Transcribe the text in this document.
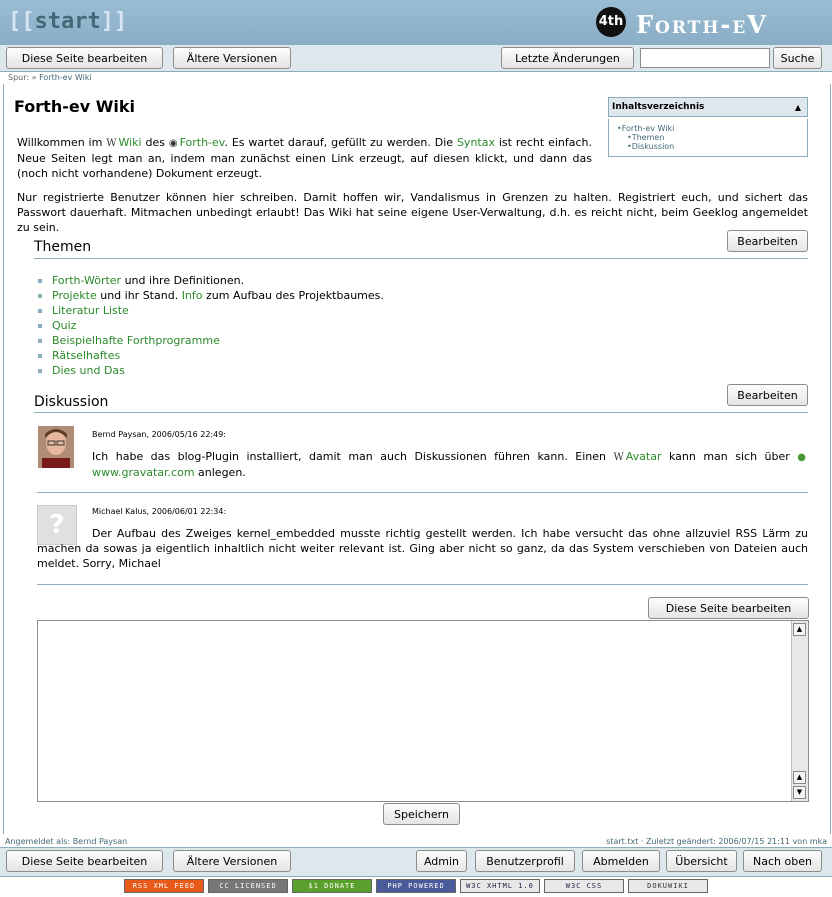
[[start]]	4th Forth-eV
Diese Seite bearbeiten	Ältere Versionen	Letzte Änderungen	Suche
Spur: » Forth-ev Wiki
Forth-ev Wiki	Inhaltsverzeichnis	▲
•Forth-ev Wiki
•Themen
•Diskussion
Willkommen im W Wiki des ◉ Forth-ev. Es wartet darauf, gefüllt zu werden. Die Syntax ist recht einfach. Neue Seiten legt man an, indem man zunächst einen Link erzeugt, auf diesen klickt, und dann das (noch nicht vorhandene) Dokument erzeugt.
Nur registrierte Benutzer können hier schreiben. Damit hoffen wir, Vandalismus in Grenzen zu halten. Registriert euch, und sichert das Passwort dauerhaft. Mitmachen unbedingt erlaubt! Das Wiki hat seine eigene User-Verwaltung, d.h. es reicht nicht, beim Geeklog angemeldet zu sein.
Themen	Bearbeiten
Forth-Wörter und ihre Definitionen.
Projekte und ihr Stand. Info zum Aufbau des Projektbaumes.
Literatur Liste
Quiz
Beispielhafte Forthprogramme
Rätselhaftes
Dies und Das
Diskussion	Bearbeiten
Bernd Paysan, 2006/05/16 22:49:
Ich habe das blog-Plugin installiert, damit man auch Diskussionen führen kann. Einen W Avatar kann man sich über ●www.gravatar.com anlegen.
?	Michael Kalus, 2006/06/01 22:34:
Der Aufbau des Zweiges kernel_embedded musste richtig gestellt werden. Ich habe versucht das ohne allzuviel RSS Lärm zu machen da sowas ja eigentlich inhaltlich nicht weiter relevant ist. Ging aber nicht so ganz, da das System verschieben von Dateien auch meldet. Sorry, Michael
Diese Seite bearbeiten
▲
▲
▼
Speichern
Angemeldet als: Bernd Paysan	start.txt · Zuletzt geändert: 2006/07/15 21:11 von mka
Diese Seite bearbeiten	Ältere Versionen	Admin	Benutzerprofil	Abmelden	Übersicht	Nach oben
RSS XML FEED	CC LICENSED	$1 DONATE	PHP POWERED	W3C XHTML 1.0	W3C CSS	DOKUWIKI
